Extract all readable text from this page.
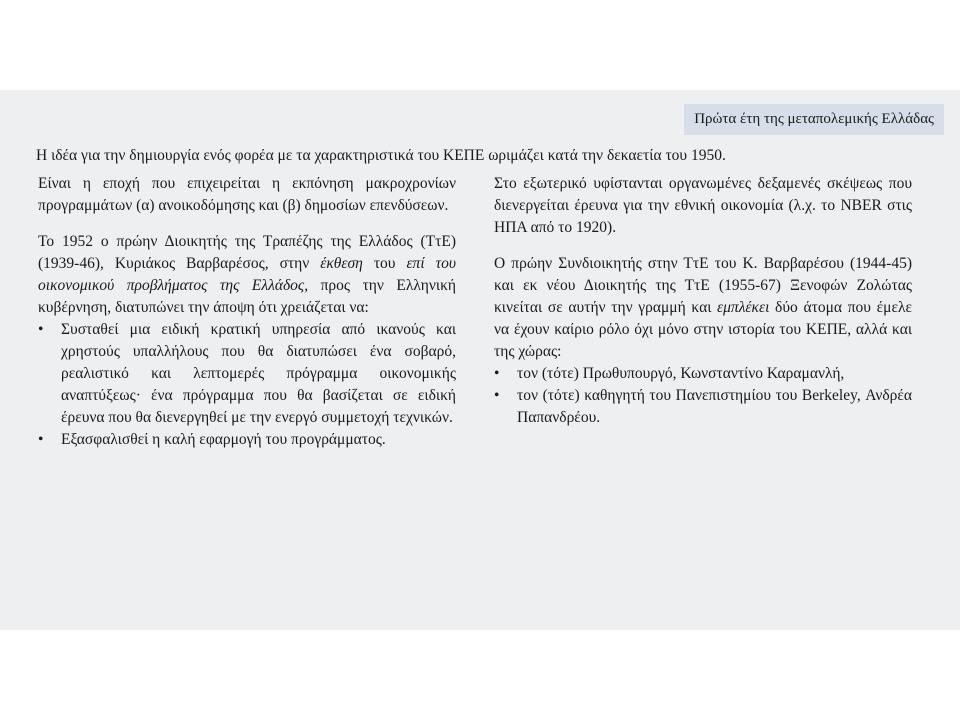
Πρώτα έτη της μεταπολεμικής Ελλάδας
Η ιδέα για την δημιουργία ενός φορέα με τα χαρακτηριστικά του ΚΕΠΕ ωριμάζει κατά την δεκαετία του 1950.

Είναι η εποχή που επιχειρείται η εκπόνηση μακροχρονίων προγραμμάτων (α) ανοικοδόμησης και (β) δημοσίων επενδύσεων.

Το 1952 ο πρώην Διοικητής της Τραπέζης της Ελλάδος (ΤτΕ) (1939-46), Κυριάκος Βαρβαρέσος, στην έκθεση του επί του οικονομικού προβλήματος της Ελλάδος, προς την Ελληνική κυβέρνηση, διατυπώνει την άποψη ότι χρειάζεται να:

• Συσταθεί μια ειδική κρατική υπηρεσία από ικανούς και χρηστούς υπαλλήλους που θα διατυπώσει ένα σοβαρό, ρεαλιστικό και λεπτομερές πρόγραμμα οικονομικής αναπτύξεως· ένα πρόγραμμα που θα βασίζεται σε ειδική έρευνα που θα διενεργηθεί με την ενεργό συμμετοχή τεχνικών.
• Εξασφαλισθεί η καλή εφαρμογή του προγράμματος.

Στο εξωτερικό υφίστανται οργανωμένες δεξαμενές σκέψεως που διενεργείται έρευνα για την εθνική οικονομία (λ.χ. το NBER στις ΗΠΑ από το 1920).

Ο πρώην Συνδιοικητής στην ΤτΕ του Κ. Βαρβαρέσου (1944-45) και εκ νέου Διοικητής της ΤτΕ (1955-67) Ξενοφών Ζολώτας κινείται σε αυτήν την γραμμή και εμπλέκει δύο άτομα που έμελε να έχουν καίριο ρόλο όχι μόνο στην ιστορία του ΚΕΠΕ, αλλά και της χώρας:

• τον (τότε) Πρωθυπουργό, Κωνσταντίνο Καραμανλή,
• τον (τότε) καθηγητή του Πανεπιστημίου του Berkeley, Ανδρέα Παπανδρέου.
